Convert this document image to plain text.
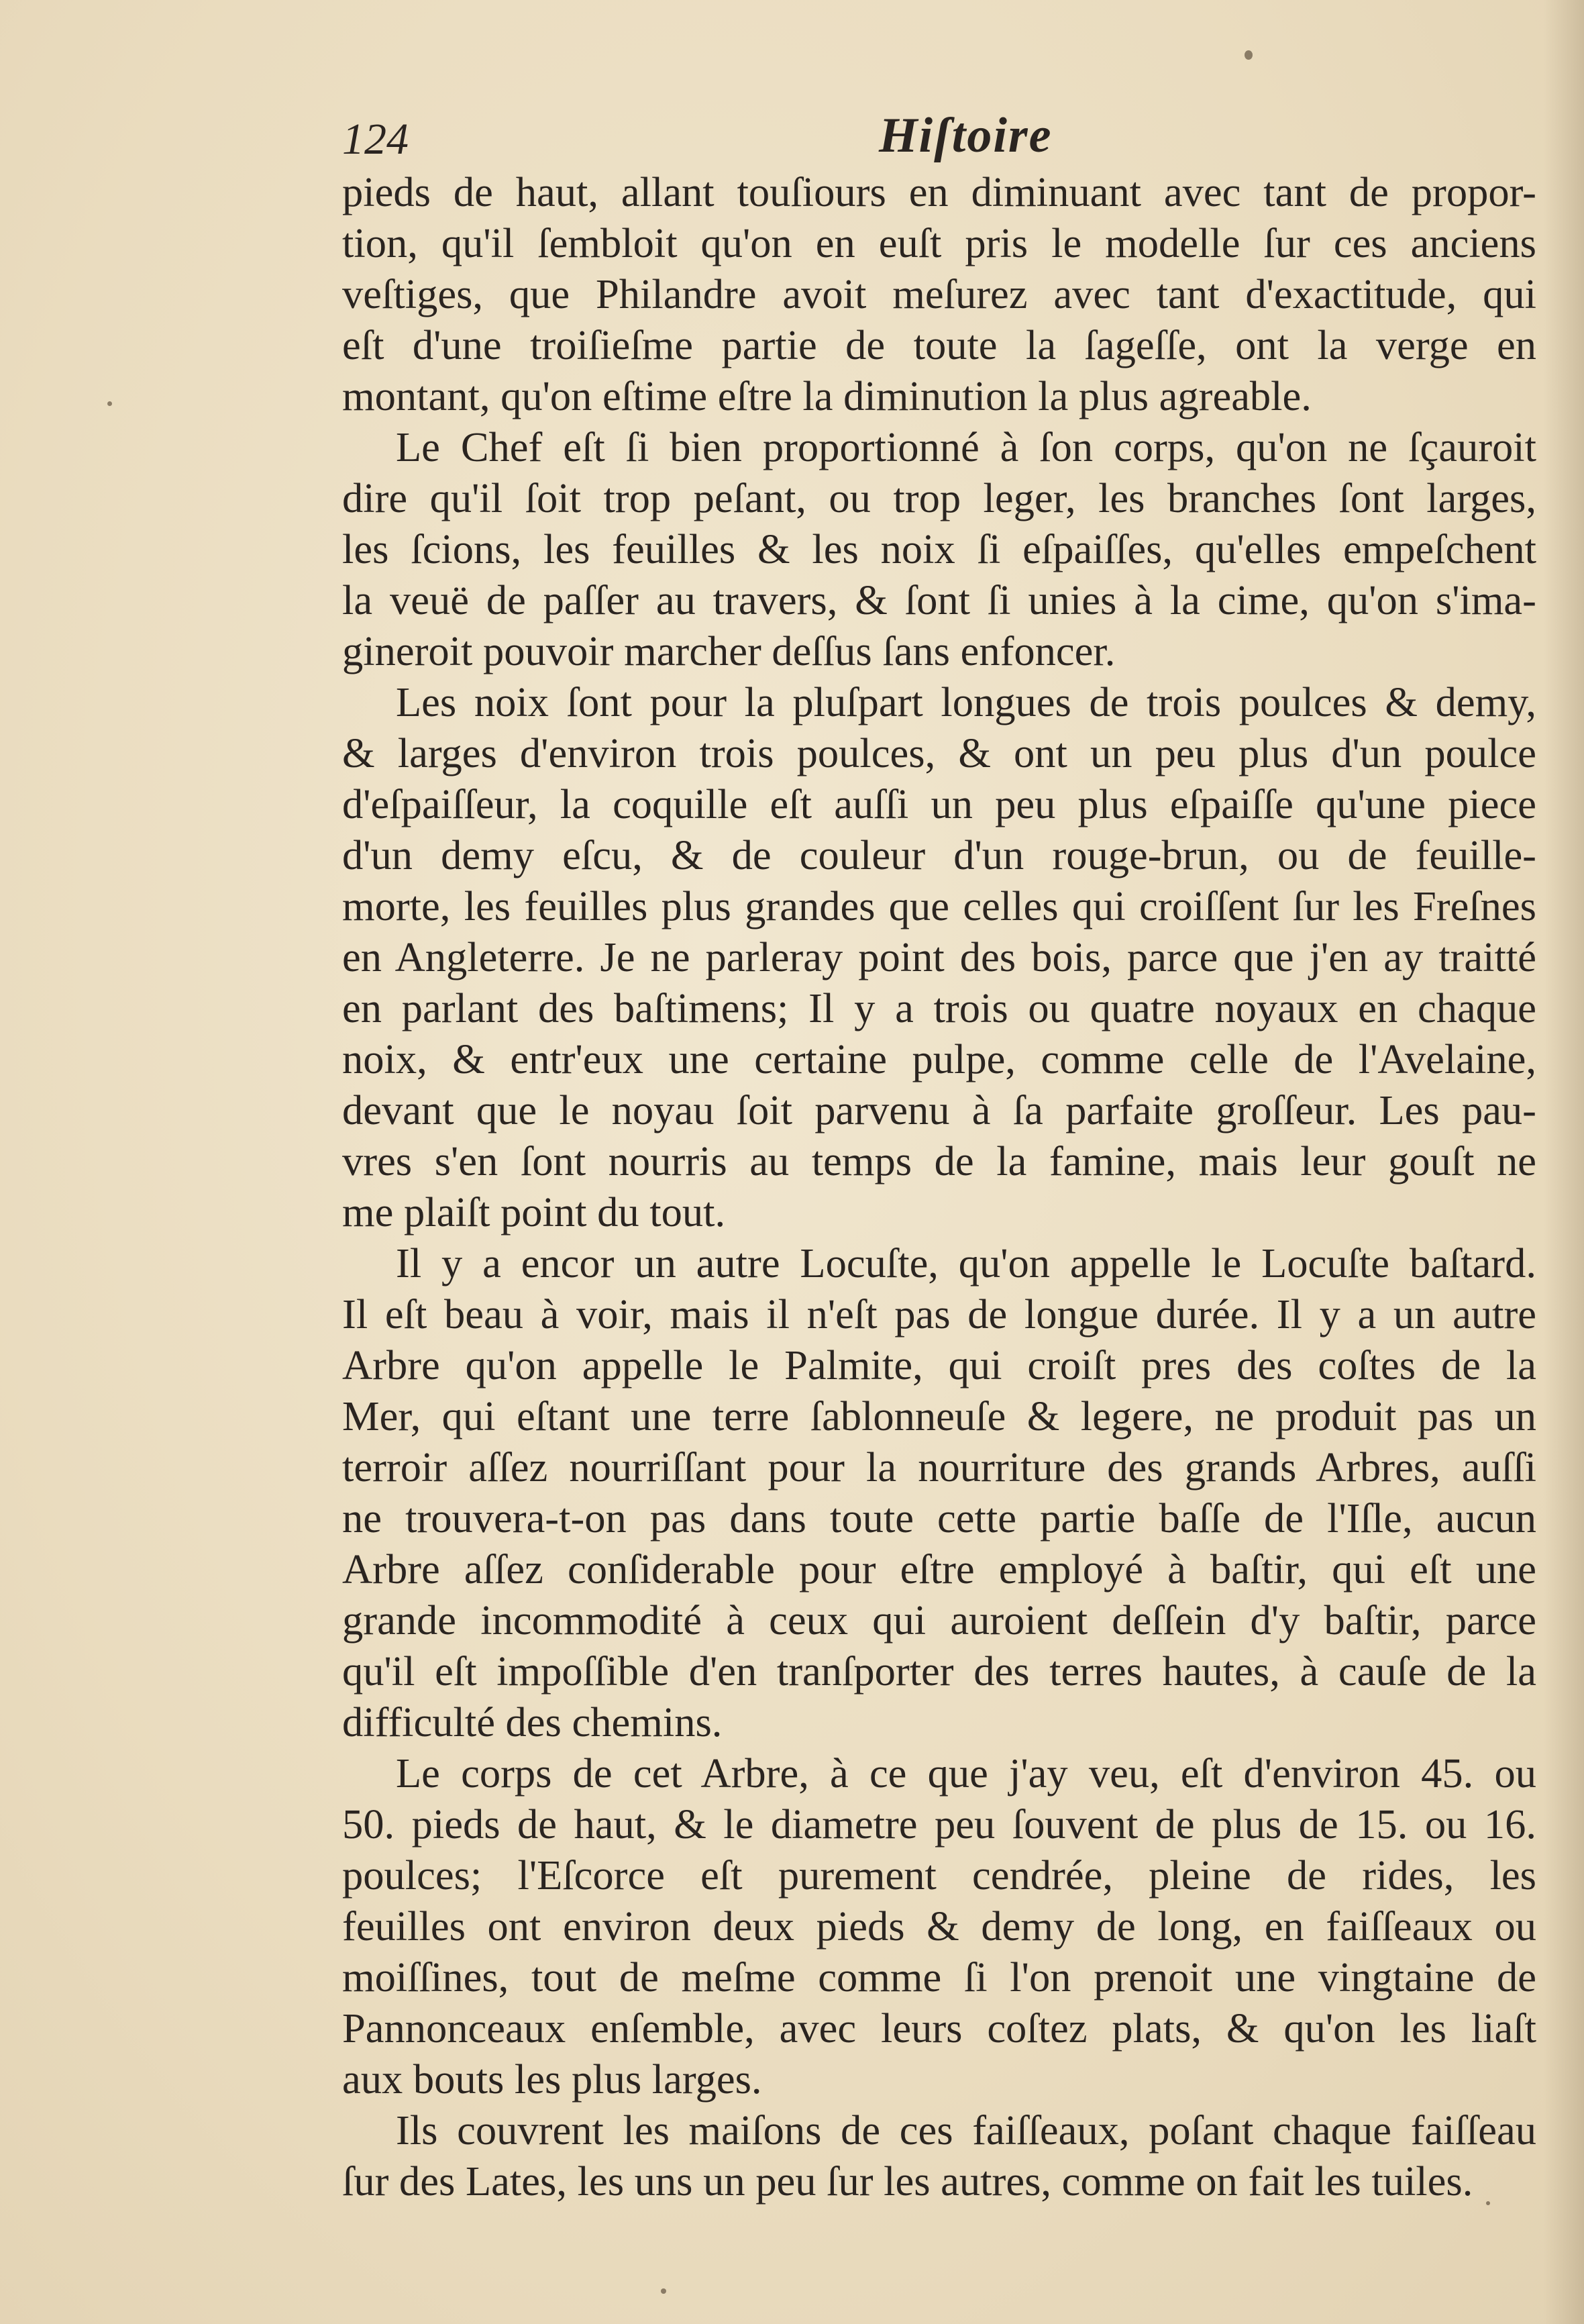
124	Hiſtoire
pieds de haut, allant touſiours en diminuant avec tant de propor-
tion, qu'il ſembloit qu'on en euſt pris le modelle ſur ces anciens
veſtiges, que Philandre avoit meſurez avec tant d'exactitude, qui
eſt d'une troiſieſme partie de toute la ſageſſe, ont la verge en
montant, qu'on eſtime eſtre la diminution la plus agreable.
Le Chef eſt ſi bien proportionné à ſon corps, qu'on ne ſçauroit
dire qu'il ſoit trop peſant, ou trop leger, les branches ſont larges,
les ſcions, les feuilles & les noix ſi eſpaiſſes, qu'elles empeſchent
la veuë de paſſer au travers, & ſont ſi unies à la cime, qu'on s'ima-
gineroit pouvoir marcher deſſus ſans enfoncer.
Les noix ſont pour la pluſpart longues de trois poulces & demy,
& larges d'environ trois poulces, & ont un peu plus d'un poulce
d'eſpaiſſeur, la coquille eſt auſſi un peu plus eſpaiſſe qu'une piece
d'un demy eſcu, & de couleur d'un rouge-brun, ou de feuille-
morte, les feuilles plus grandes que celles qui croiſſent ſur les Freſnes
en Angleterre. Je ne parleray point des bois, parce que j'en ay traitté
en parlant des baſtimens; Il y a trois ou quatre noyaux en chaque
noix, & entr'eux une certaine pulpe, comme celle de l'Avelaine,
devant que le noyau ſoit parvenu à ſa parfaite groſſeur. Les pau-
vres s'en ſont nourris au temps de la famine, mais leur gouſt ne
me plaiſt point du tout.
Il y a encor un autre Locuſte, qu'on appelle le Locuſte baſtard.
Il eſt beau à voir, mais il n'eſt pas de longue durée. Il y a un autre
Arbre qu'on appelle le Palmite, qui croiſt pres des coſtes de la
Mer, qui eſtant une terre ſablonneuſe & legere, ne produit pas un
terroir aſſez nourriſſant pour la nourriture des grands Arbres, auſſi
ne trouvera-t-on pas dans toute cette partie baſſe de l'Iſle, aucun
Arbre aſſez conſiderable pour eſtre employé à baſtir, qui eſt une
grande incommodité à ceux qui auroient deſſein d'y baſtir, parce
qu'il eſt impoſſible d'en tranſporter des terres hautes, à cauſe de la
difficulté des chemins.
Le corps de cet Arbre, à ce que j'ay veu, eſt d'environ 45. ou
50. pieds de haut, & le diametre peu ſouvent de plus de 15. ou 16.
poulces; l'Eſcorce eſt purement cendrée, pleine de rides, les
feuilles ont environ deux pieds & demy de long, en faiſſeaux ou
moiſſines, tout de meſme comme ſi l'on prenoit une vingtaine de
Pannonceaux enſemble, avec leurs coſtez plats, & qu'on les liaſt
aux bouts les plus larges.
Ils couvrent les maiſons de ces faiſſeaux, poſant chaque faiſſeau
ſur des Lates, les uns un peu ſur les autres, comme on fait les tuiles.
